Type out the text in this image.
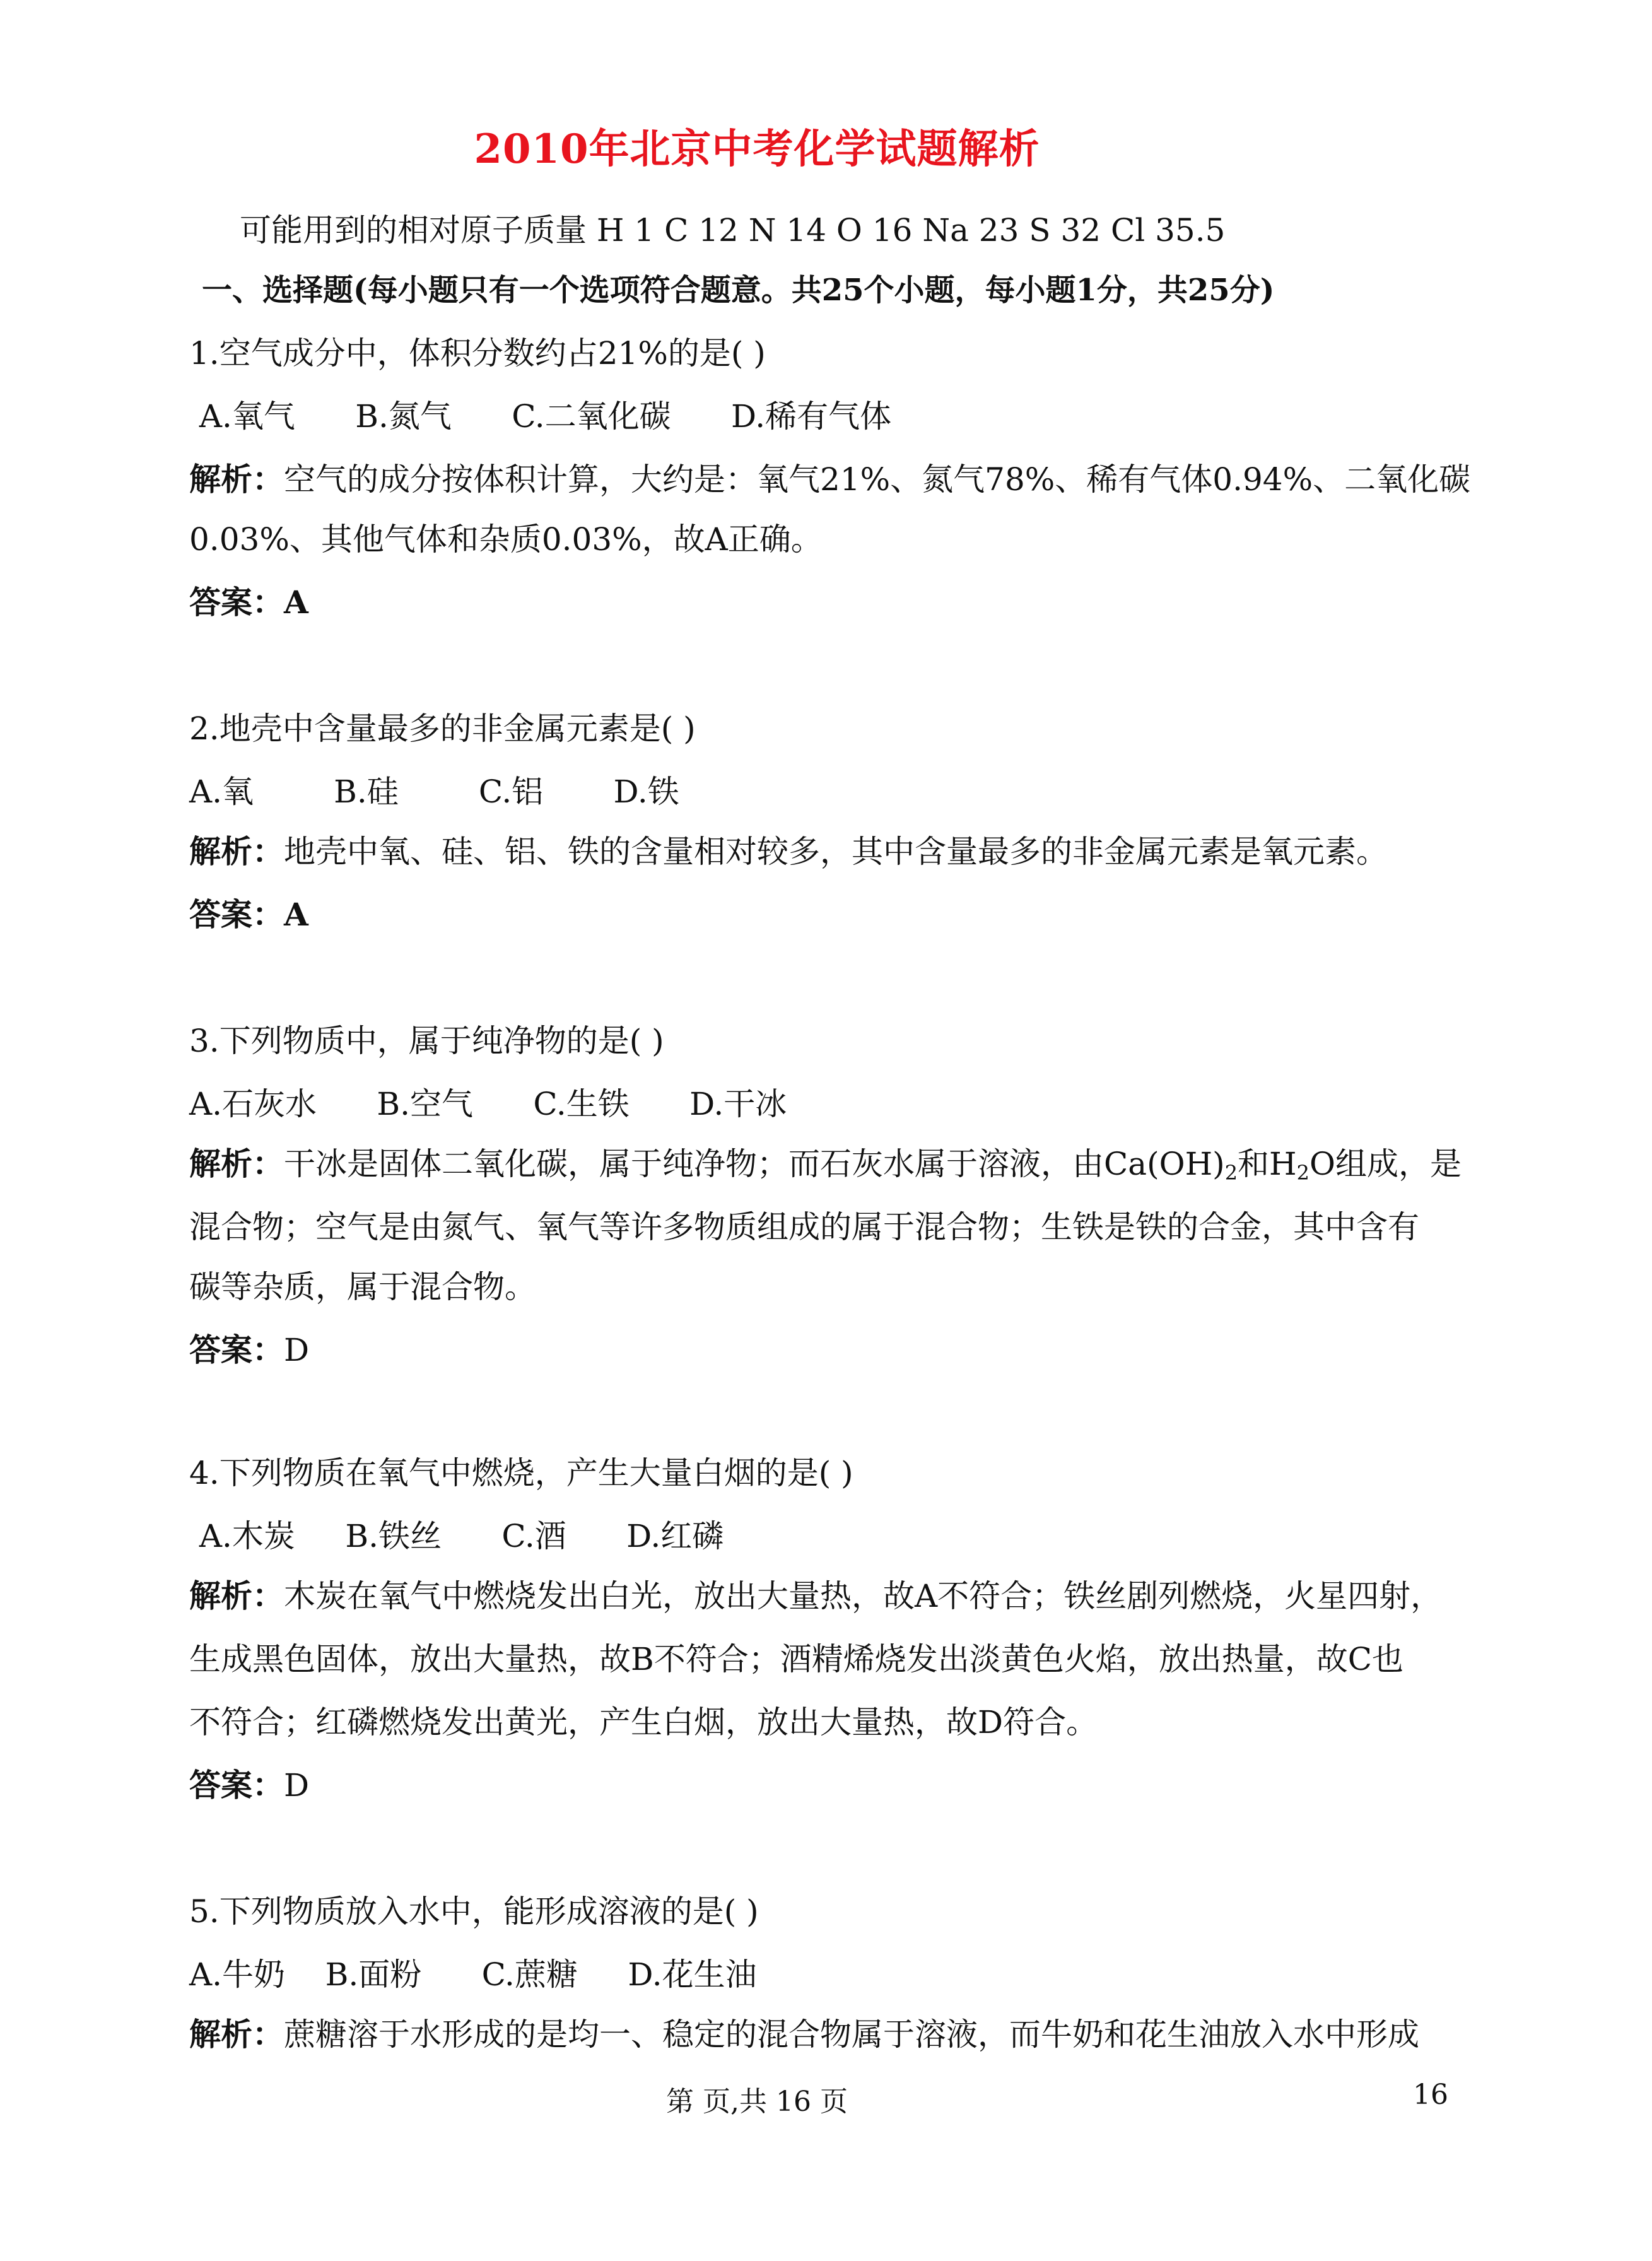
2010年北京中考化学试题解析
可能用到的相对原子质量 H 1 C 12 N 14 O 16 Na 23 S 32 Cl 35.5
一、选择题(每小题只有一个选项符合题意。共25个小题，每小题1分，共25分)
1.空气成分中，体积分数约占21%的是( )
A.氧气      B.氮气      C.二氧化碳      D.稀有气体
解析：空气的成分按体积计算，大约是：氧气21%、氮气78%、稀有气体0.94%、二氧化碳
0.03%、其他气体和杂质0.03%，故A正确。
答案：A
2.地壳中含量最多的非金属元素是( )
A.氧        B.硅        C.铝       D.铁
解析：地壳中氧、硅、铝、铁的含量相对较多，其中含量最多的非金属元素是氧元素。
答案：A
3.下列物质中，属于纯净物的是( )
A.石灰水      B.空气      C.生铁      D.干冰
解析：干冰是固体二氧化碳，属于纯净物；而石灰水属于溶液，由$Ca(OH)_2$和$H_2O$组成，是
混合物；空气是由氮气、氧气等许多物质组成的属于混合物；生铁是铁的合金，其中含有
碳等杂质，属于混合物。
答案：D
4.下列物质在氧气中燃烧，产生大量白烟的是( )
A.木炭     B.铁丝      C.酒      D.红磷
解析：木炭在氧气中燃烧发出白光，放出大量热，故A不符合；铁丝剧列燃烧，火星四射，
生成黑色固体，放出大量热，故B不符合；酒精烯烧发出淡黄色火焰，放出热量，故C也
不符合；红磷燃烧发出黄光，产生白烟，放出大量热，故D符合。
答案：D
5.下列物质放入水中，能形成溶液的是( )
A.牛奶    B.面粉      C.蔗糖     D.花生油
解析：蔗糖溶于水形成的是均一、稳定的混合物属于溶液，而牛奶和花生油放入水中形成
第 页,共 16 页	16
